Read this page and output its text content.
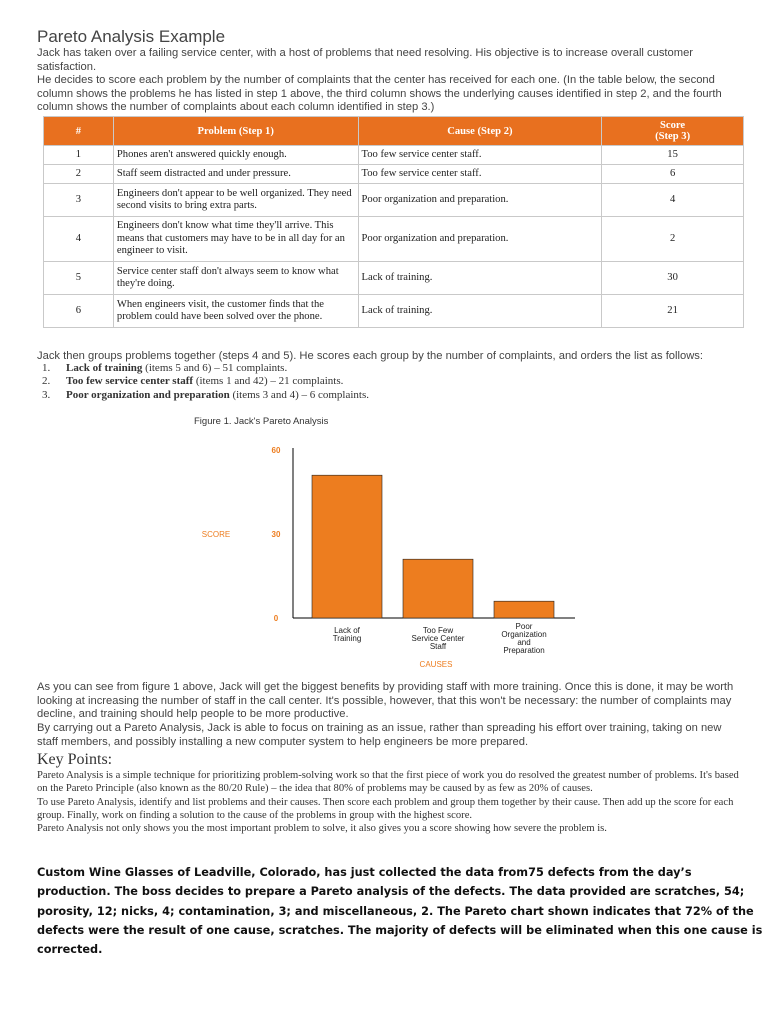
Pareto Analysis Example

Jack has taken over a failing service center, with a host of problems that need resolving. His objective is to increase overall customer satisfaction.

He decides to score each problem by the number of complaints that the center has received for each one. (In the table below, the second column shows the problems he has listed in step 1 above, the third column shows the underlying causes identified in step 2, and the fourth column shows the number of complaints about each column identified in step 3.)

#	Problem (Step 1)	Cause (Step 2)	Score
(Step 3)

1	Phones aren't answered quickly enough.	Too few service center staff.	15
2	Staff seem distracted and under pressure.	Too few service center staff.	6
3	Engineers don't appear to be well organized. They need second visits to bring extra parts.	Poor organization and preparation.	4
4	Engineers don't know what time they'll arrive. This means that customers may have to be in all day for an engineer to visit.	Poor organization and preparation.	2
5	Service center staff don't always seem to know what they're doing.	Lack of training.	30
6	When engineers visit, the customer finds that the problem could have been solved over the phone.	Lack of training.	21
Jack then groups problems together (steps 4 and 5). He scores each group by the number of complaints, and orders the list as follows:
1. Lack of training (items 5 and 6) – 51 complaints.
2. Too few service center staff (items 1 and 42) – 21 complaints.
3. Poor organization and preparation (items 3 and 4) – 6 complaints.
Figure 1. Jack's Pareto Analysis
0
30
60
SCORE
Lack of
Training
Too Few
Service Center
Staff
Poor
Organization
and
Preparation
CAUSES

As you can see from figure 1 above, Jack will get the biggest benefits by providing staff with more training. Once this is done, it may be worth looking at increasing the number of staff in the call center. It's possible, however, that this won't be necessary: the number of complaints may decline, and training should help people to be more productive.

By carrying out a Pareto Analysis, Jack is able to focus on training as an issue, rather than spreading his effort over training, taking on new staff members, and possibly installing a new computer system to help engineers be more prepared.

Key Points:

Pareto Analysis is a simple technique for prioritizing problem-solving work so that the first piece of work you do resolved the greatest number of problems. It's based on the Pareto Principle (also known as the 80/20 Rule) – the idea that 80% of problems may be caused by as few as 20% of causes.

To use Pareto Analysis, identify and list problems and their causes. Then score each problem and group them together by their cause. Then add up the score for each group. Finally, work on finding a solution to the cause of the problems in group with the highest score.

Pareto Analysis not only shows you the most important problem to solve, it also gives you a score showing how severe the problem is.

Custom Wine Glasses of Leadville, Colorado, has just collected the data from75 defects from the day’s production. The boss decides to prepare a Pareto analysis of the defects. The data provided are scratches, 54; porosity, 12; nicks, 4; contamination, 3; and miscellaneous, 2. The Pareto chart shown indicates that 72% of the defects were the result of one cause, scratches. The majority of defects will be eliminated when this one cause is corrected.
